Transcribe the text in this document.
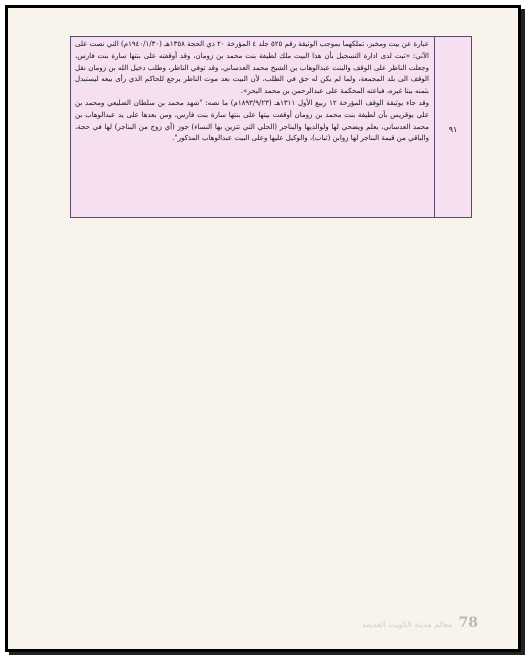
٩١

عبارة عن بيت ومخبز، تملكهما بموجب الوثيقة رقم ٥٢٥ جلد ٤ المؤرخة ٢٠ ذي الحجة ١٣٥٨هـ (١٩٤٠/١/٣٠م) التي نصت على الآتي: «ثبت لدى ادارة التسجيل بأن هذا البيت ملك لطيفة بنت محمد بن زومان، وقد أوقفته على بنتها سارة بنت فارس، وجعلت الناظر على الوقف والبنت عبدالوهاب بن الشيخ محمد العدساني، وقد توفي الناظر، وطلب دخيل الله بن زومان نقل الوقف الى بلد المجمعة، ولما لم يكن له حق في الطلب، لأن البيت بعد موت الناظر يرجع للحاكم الذي رأى بيعه ليستبدل بثمنه بيتا غيره، فباعته المحكمة على عبدالرحمن بن محمد البحر».

وقد جاء بوثيقة الوقف المؤرخة ١٢ ربيع الأول ١٣١١هـ (١٨٩٣/٩/٢٣م) ما نصه: "شهد محمد بن سلطان الضليعي ومحمد بن علي بوقريس بأن لطيفة بنت محمد بن زومان أوقفت بيتها على بنتها سارة بنت فارس، ومن بعدها على يد عبدالوهاب بن محمد العدساني، يعلم ويضحي لها ولوالديها والبناجر (الحلي التي تتزين بها النساء) جوز (أي زوج من البناجر) لها في حجة، والباقي من قيمة البناجر لها زوابن (ثياب)، والوكيل عليها وعلى البيت عبدالوهاب المذكور".

78
معالم مدينة الكويت القديمة
